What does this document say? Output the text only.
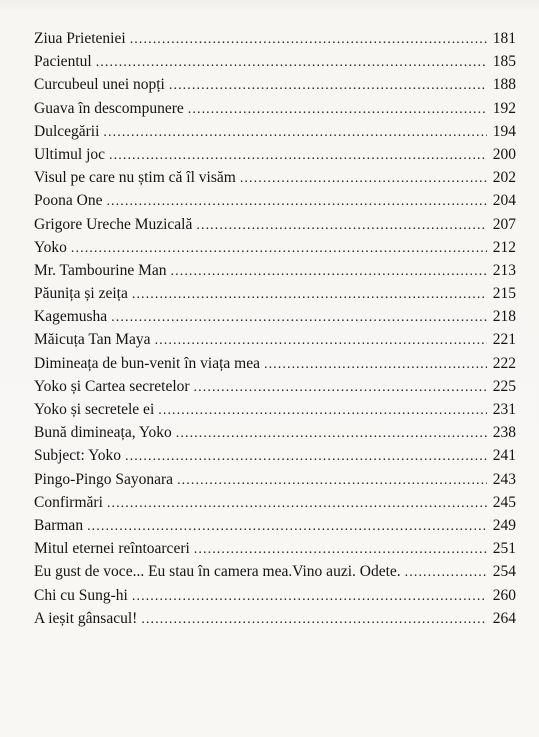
Ziua Prieteniei . . .	181
Pacientul . . .	185
Curcubeul unei nopți . . .	188
Guava în descompunere . . .	192
Dulcegării . . .	194
Ultimul joc . . .	200
Visul pe care nu știm că îl visăm . . .	202
Poona One . . .	204
Grigore Ureche Muzicală . . .	207
Yoko . . .	212
Mr. Tambourine Man . . .	213
Păunița și zeița . . .	215
Kagemusha . . .	218
Măicuța Tan Maya . . .	221
Dimineața de bun-venit în viața mea . . .	222
Yoko și Cartea secretelor . . .	225
Yoko și secretele ei . . .	231
Bună dimineața, Yoko . . .	238
Subject: Yoko . . .	241
Pingo-Pingo Sayonara . . .	243
Confirmări . . .	245
Barman . . .	249
Mitul eternei reîntoarceri . . .	251
Eu gust de voce... Eu stau în camera mea.Vino auzi. Odete. . . .	254
Chi cu Sung-hi . . .	260
A ieșit gânsacul! . . .	264
